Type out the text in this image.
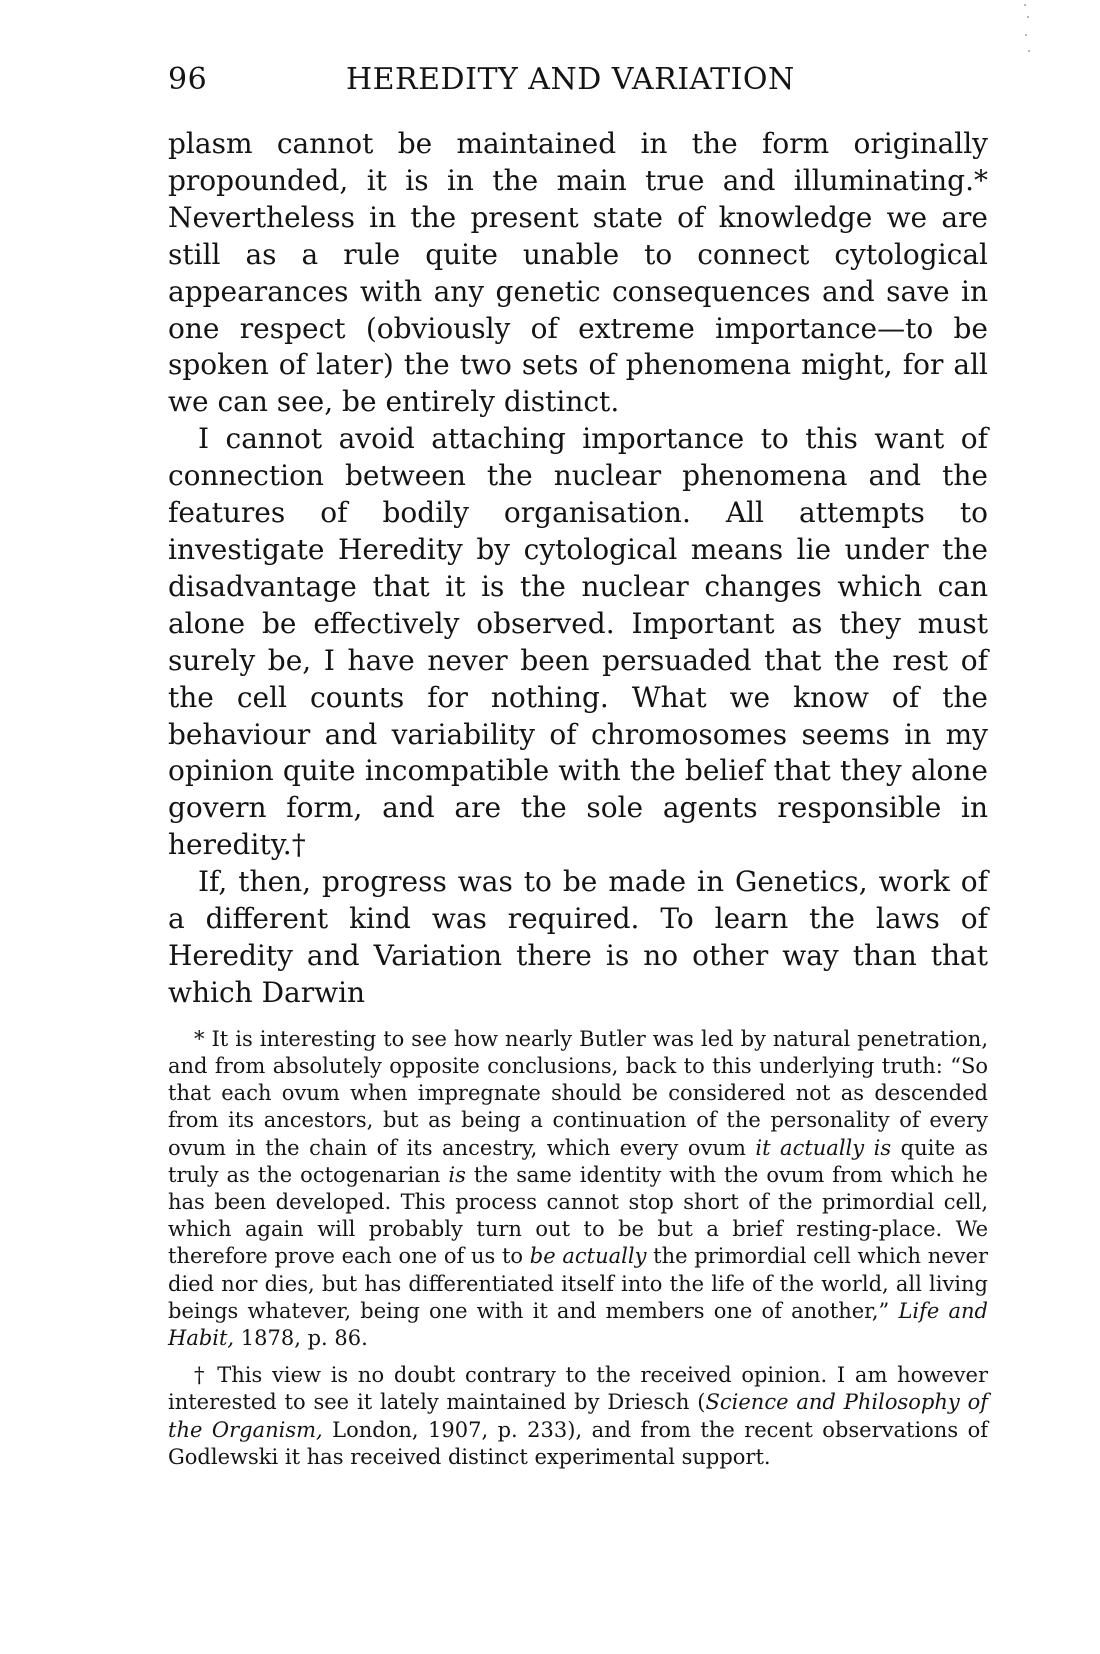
96	HEREDITY AND VARIATION

plasm cannot be maintained in the form originally propounded, it is in the main true and illuminating.* Nevertheless in the present state of knowledge we are still as a rule quite unable to connect cytological appearances with any genetic consequences and save in one respect (obviously of extreme importance—to be spoken of later) the two sets of phenomena might, for all we can see, be entirely distinct.

I cannot avoid attaching importance to this want of connection between the nuclear phenomena and the features of bodily organisation. All attempts to investigate Heredity by cytological means lie under the disadvantage that it is the nuclear changes which can alone be effectively observed. Important as they must surely be, I have never been persuaded that the rest of the cell counts for nothing. What we know of the behaviour and variability of chromosomes seems in my opinion quite incompatible with the belief that they alone govern form, and are the sole agents responsible in heredity.†

If, then, progress was to be made in Genetics, work of a different kind was required. To learn the laws of Heredity and Variation there is no other way than that which Darwin

* It is interesting to see how nearly Butler was led by natural penetration, and from absolutely opposite conclusions, back to this underlying truth: “So that each ovum when impregnate should be considered not as descended from its ancestors, but as being a continuation of the personality of every ovum in the chain of its ancestry, which every ovum it actually is quite as truly as the octogenarian is the same identity with the ovum from which he has been developed. This process cannot stop short of the primordial cell, which again will probably turn out to be but a brief resting-place. We therefore prove each one of us to be actually the primordial cell which never died nor dies, but has differentiated itself into the life of the world, all living beings whatever, being one with it and members one of another,” Life and Habit, 1878, p. 86.

† This view is no doubt contrary to the received opinion. I am however interested to see it lately maintained by Driesch (Science and Philosophy of the Organism, London, 1907, p. 233), and from the recent observations of Godlewski it has received distinct experimental support.
